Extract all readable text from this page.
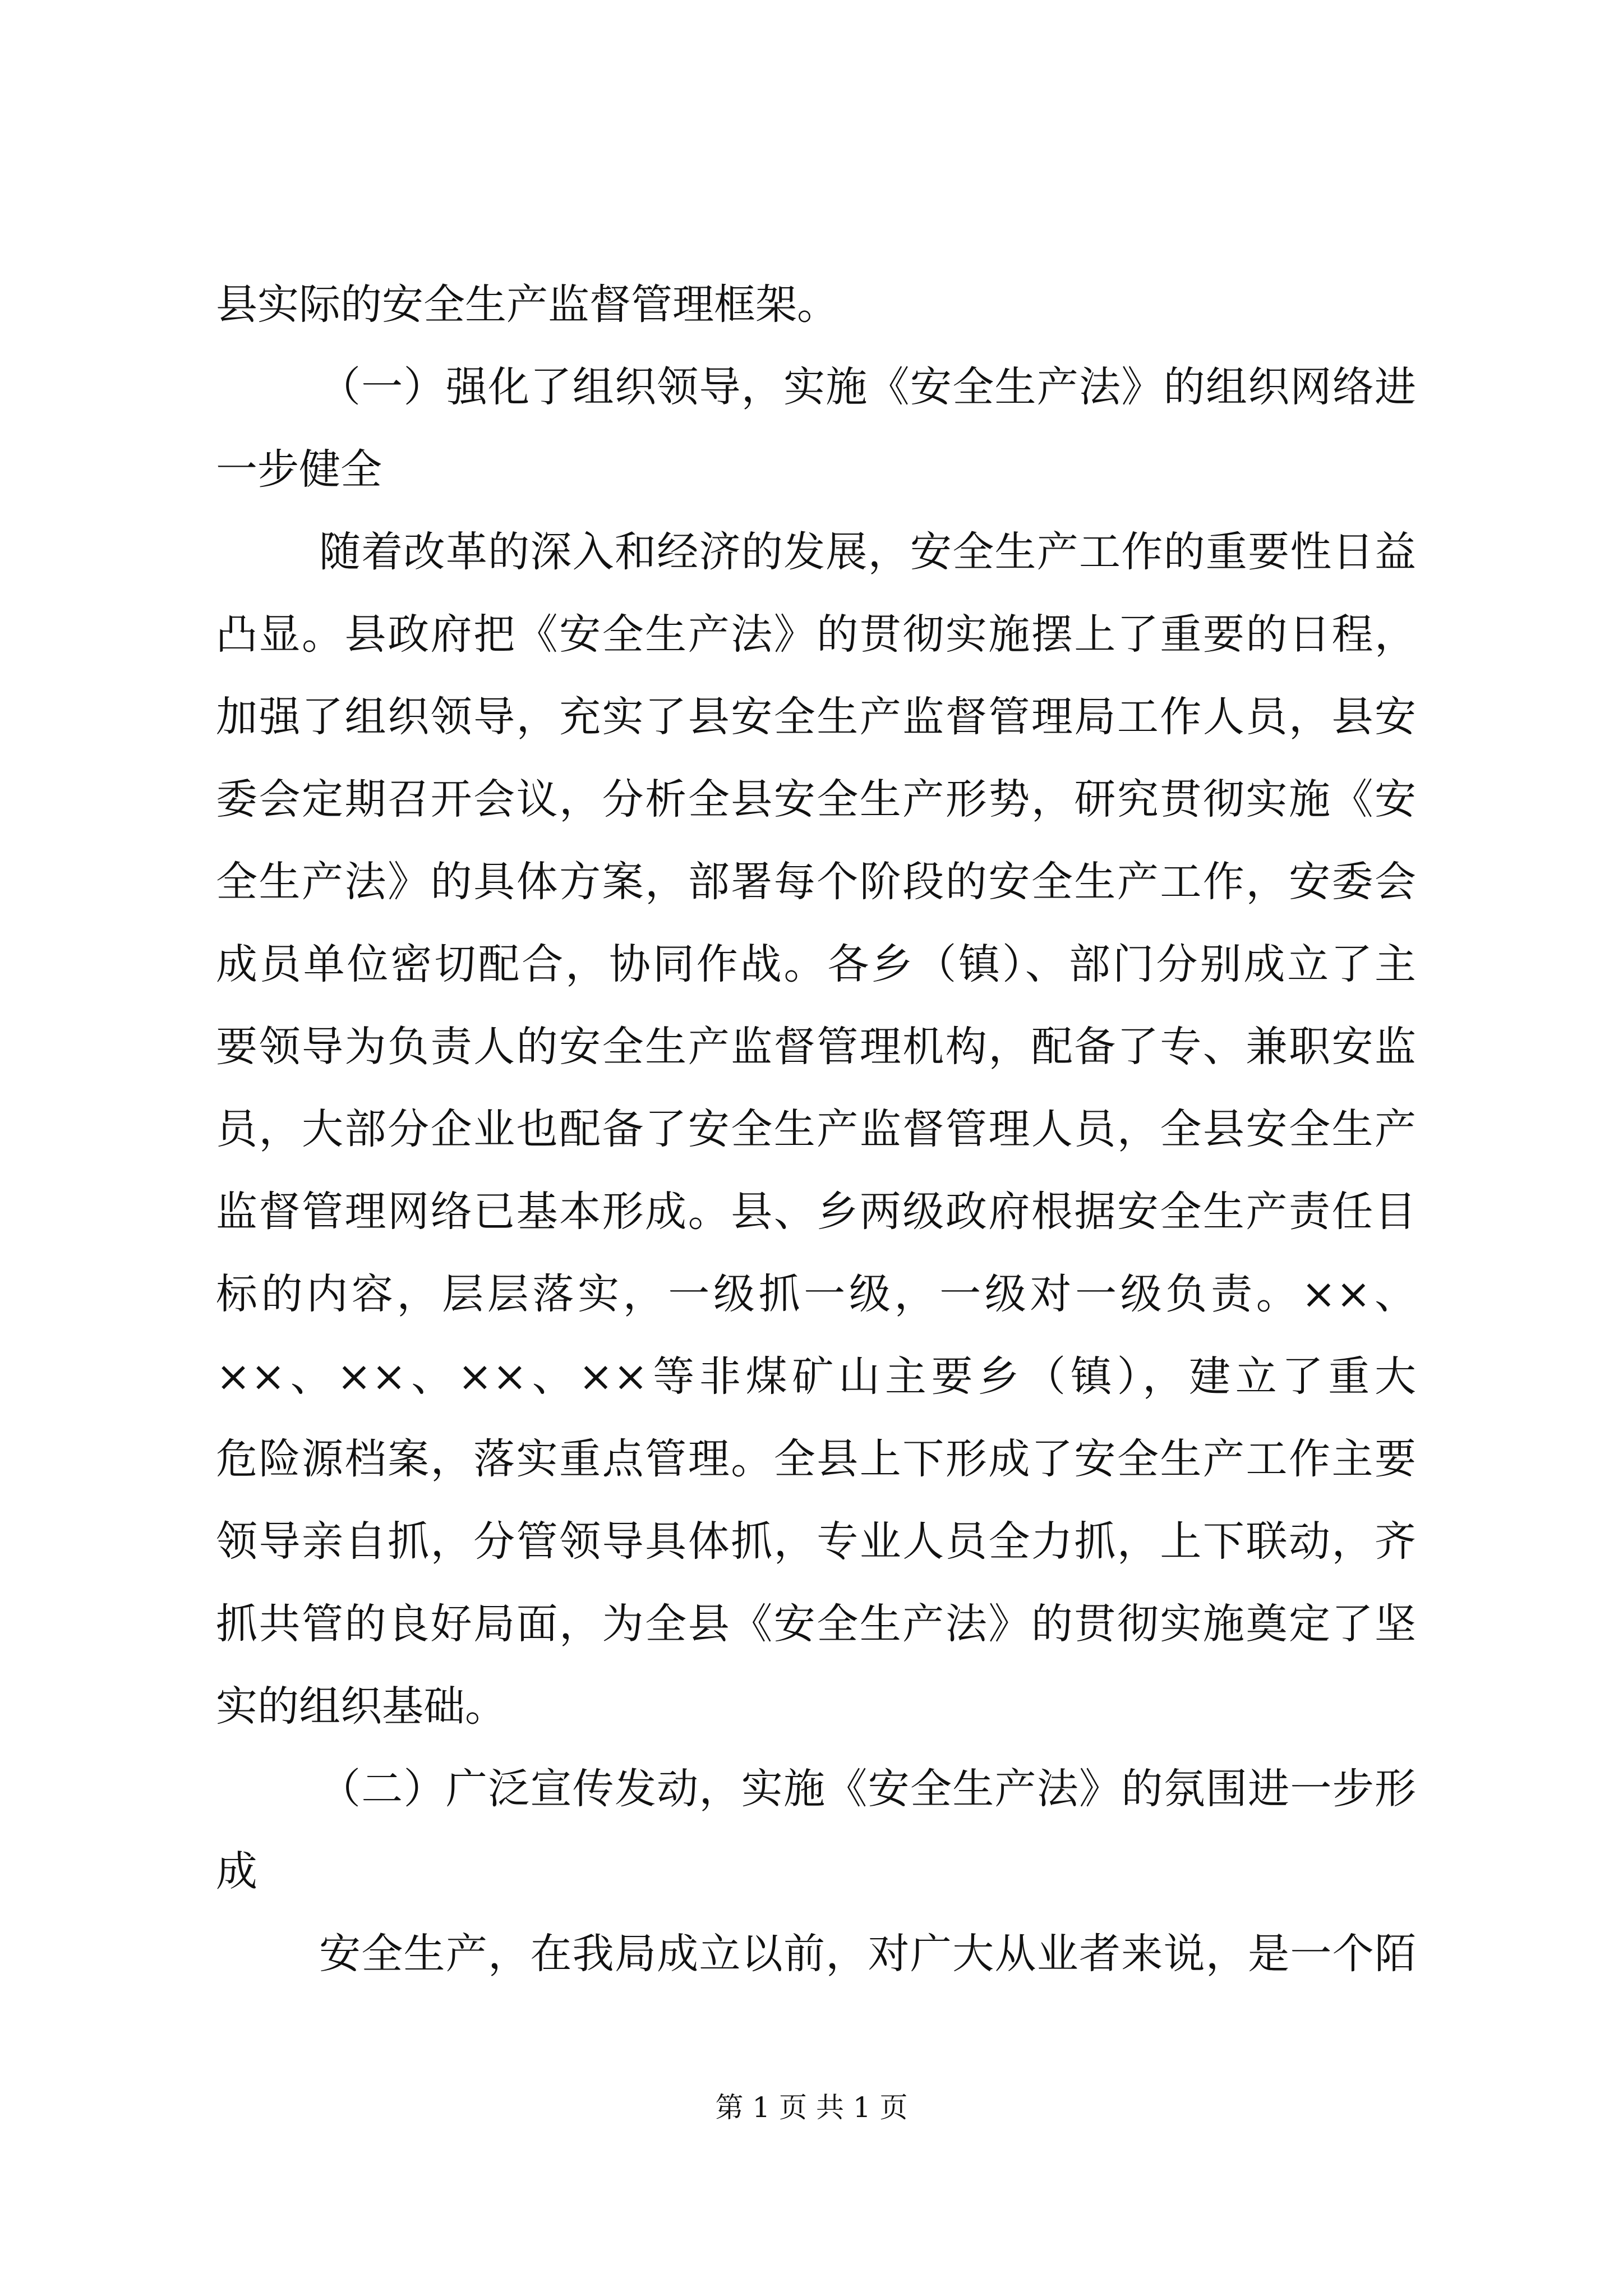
县实际的安全生产监督管理框架。
（一）强化了组织领导，实施《安全生产法》的组织网络进
一步健全
随着改革的深入和经济的发展，安全生产工作的重要性日益
凸显。县政府把《安全生产法》的贯彻实施摆上了重要的日程，
加强了组织领导，充实了县安全生产监督管理局工作人员，县安
委会定期召开会议，分析全县安全生产形势，研究贯彻实施《安
全生产法》的具体方案，部署每个阶段的安全生产工作，安委会
成员单位密切配合，协同作战。各乡（镇）、部门分别成立了主
要领导为负责人的安全生产监督管理机构，配备了专、兼职安监
员，大部分企业也配备了安全生产监督管理人员，全县安全生产
监督管理网络已基本形成。县、乡两级政府根据安全生产责任目
标的内容，层层落实，一级抓一级，一级对一级负责。××、
××、××、××、××等非煤矿山主要乡（镇），建立了重大
危险源档案，落实重点管理。全县上下形成了安全生产工作主要
领导亲自抓，分管领导具体抓，专业人员全力抓，上下联动，齐
抓共管的良好局面，为全县《安全生产法》的贯彻实施奠定了坚
实的组织基础。
（二）广泛宣传发动，实施《安全生产法》的氛围进一步形
成
安全生产，在我局成立以前，对广大从业者来说，是一个陌
第 1 页 共 1 页
